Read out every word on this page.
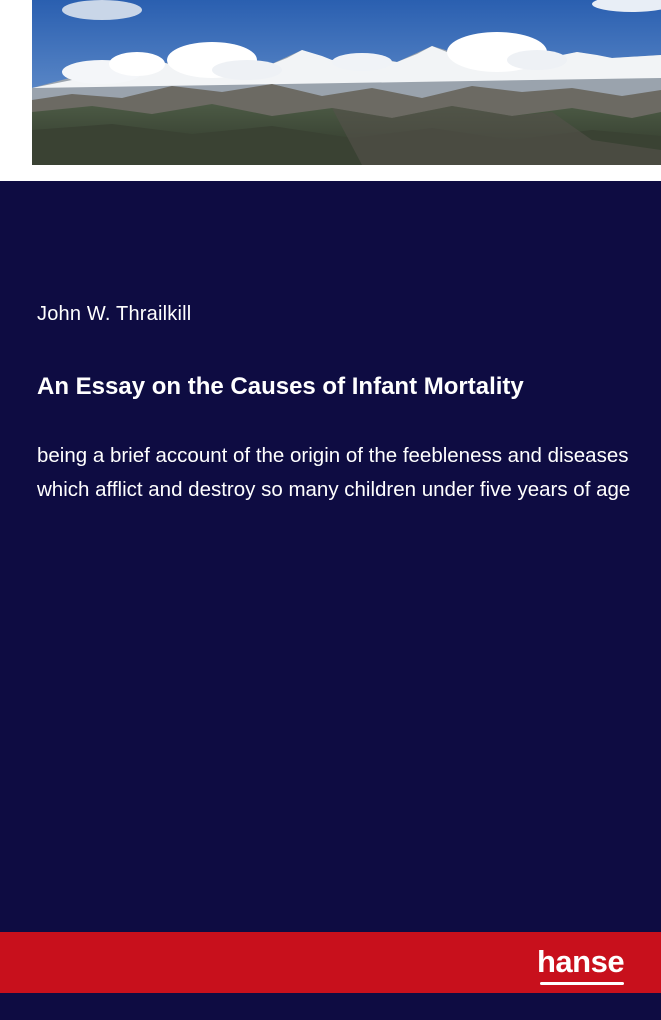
John W. Thrailkill
An Essay on the Causes of Infant Mortality
being a brief account of the origin of the feebleness and diseases which afflict and destroy so many children under five years of age
hanse
